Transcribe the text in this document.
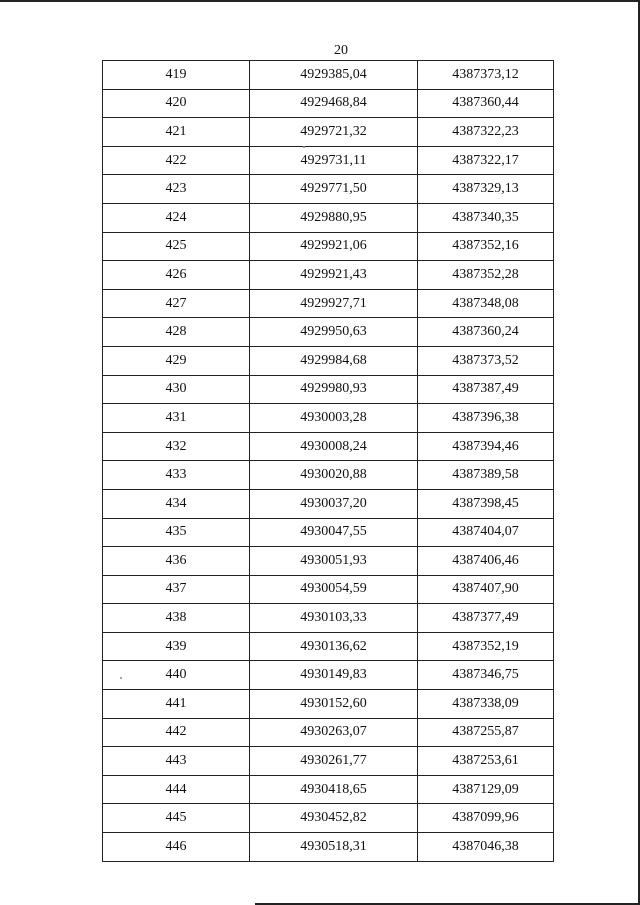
20
419	4929385,04	4387373,12
420	4929468,84	4387360,44
421	4929721,32	4387322,23
422	4929731,11	4387322,17
423	4929771,50	4387329,13
424	4929880,95	4387340,35
425	4929921,06	4387352,16
426	4929921,43	4387352,28
427	4929927,71	4387348,08
428	4929950,63	4387360,24
429	4929984,68	4387373,52
430	4929980,93	4387387,49
431	4930003,28	4387396,38
432	4930008,24	4387394,46
433	4930020,88	4387389,58
434	4930037,20	4387398,45
435	4930047,55	4387404,07
436	4930051,93	4387406,46
437	4930054,59	4387407,90
438	4930103,33	4387377,49
439	4930136,62	4387352,19
440	4930149,83	4387346,75
441	4930152,60	4387338,09
442	4930263,07	4387255,87
443	4930261,77	4387253,61
444	4930418,65	4387129,09
445	4930452,82	4387099,96
446	4930518,31	4387046,38
